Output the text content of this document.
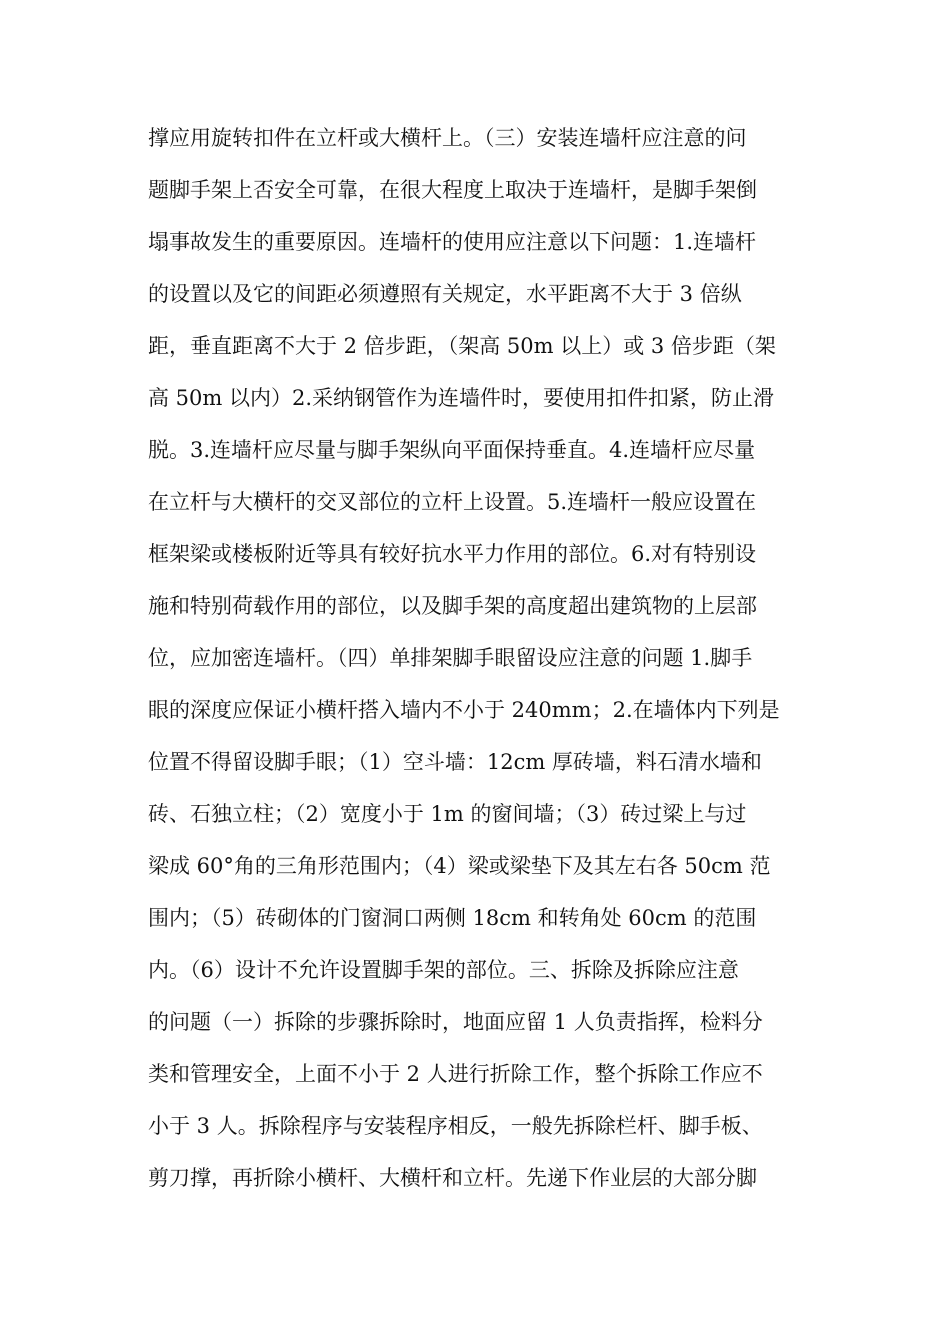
撑应用旋转扣件在立杆或大横杆上。（三）安装连墙杆应注意的问
题脚手架上否安全可靠，在很大程度上取决于连墙杆，是脚手架倒
塌事故发生的重要原因。连墙杆的使用应注意以下问题：1.连墙杆
的设置以及它的间距必须遵照有关规定，水平距离不大于 3 倍纵
距，垂直距离不大于 2 倍步距，（架高 50m 以上）或 3 倍步距（架
高 50m 以内）2.采纳钢管作为连墙件时，要使用扣件扣紧，防止滑
脱。3.连墙杆应尽量与脚手架纵向平面保持垂直。4.连墙杆应尽量
在立杆与大横杆的交叉部位的立杆上设置。5.连墙杆一般应设置在
框架梁或楼板附近等具有较好抗水平力作用的部位。6.对有特别设
施和特别荷载作用的部位，以及脚手架的高度超出建筑物的上层部
位，应加密连墙杆。（四）单排架脚手眼留设应注意的问题 1.脚手
眼的深度应保证小横杆搭入墙内不小于 240mm；2.在墙体内下列是
位置不得留设脚手眼；（1）空斗墙：12cm 厚砖墙，料石清水墙和
砖、石独立柱；（2）宽度小于 1m 的窗间墙；（3）砖过梁上与过
梁成 60°角的三角形范围内；（4）梁或梁垫下及其左右各 50cm 范
围内；（5）砖砌体的门窗洞口两侧 18cm 和转角处 60cm 的范围
内。（6）设计不允许设置脚手架的部位。三、拆除及拆除应注意
的问题（一）拆除的步骤拆除时，地面应留 1 人负责指挥，检料分
类和管理安全，上面不小于 2 人进行折除工作，整个拆除工作应不
小于 3 人。拆除程序与安装程序相反，一般先拆除栏杆、脚手板、
剪刀撑，再折除小横杆、大横杆和立杆。先递下作业层的大部分脚
